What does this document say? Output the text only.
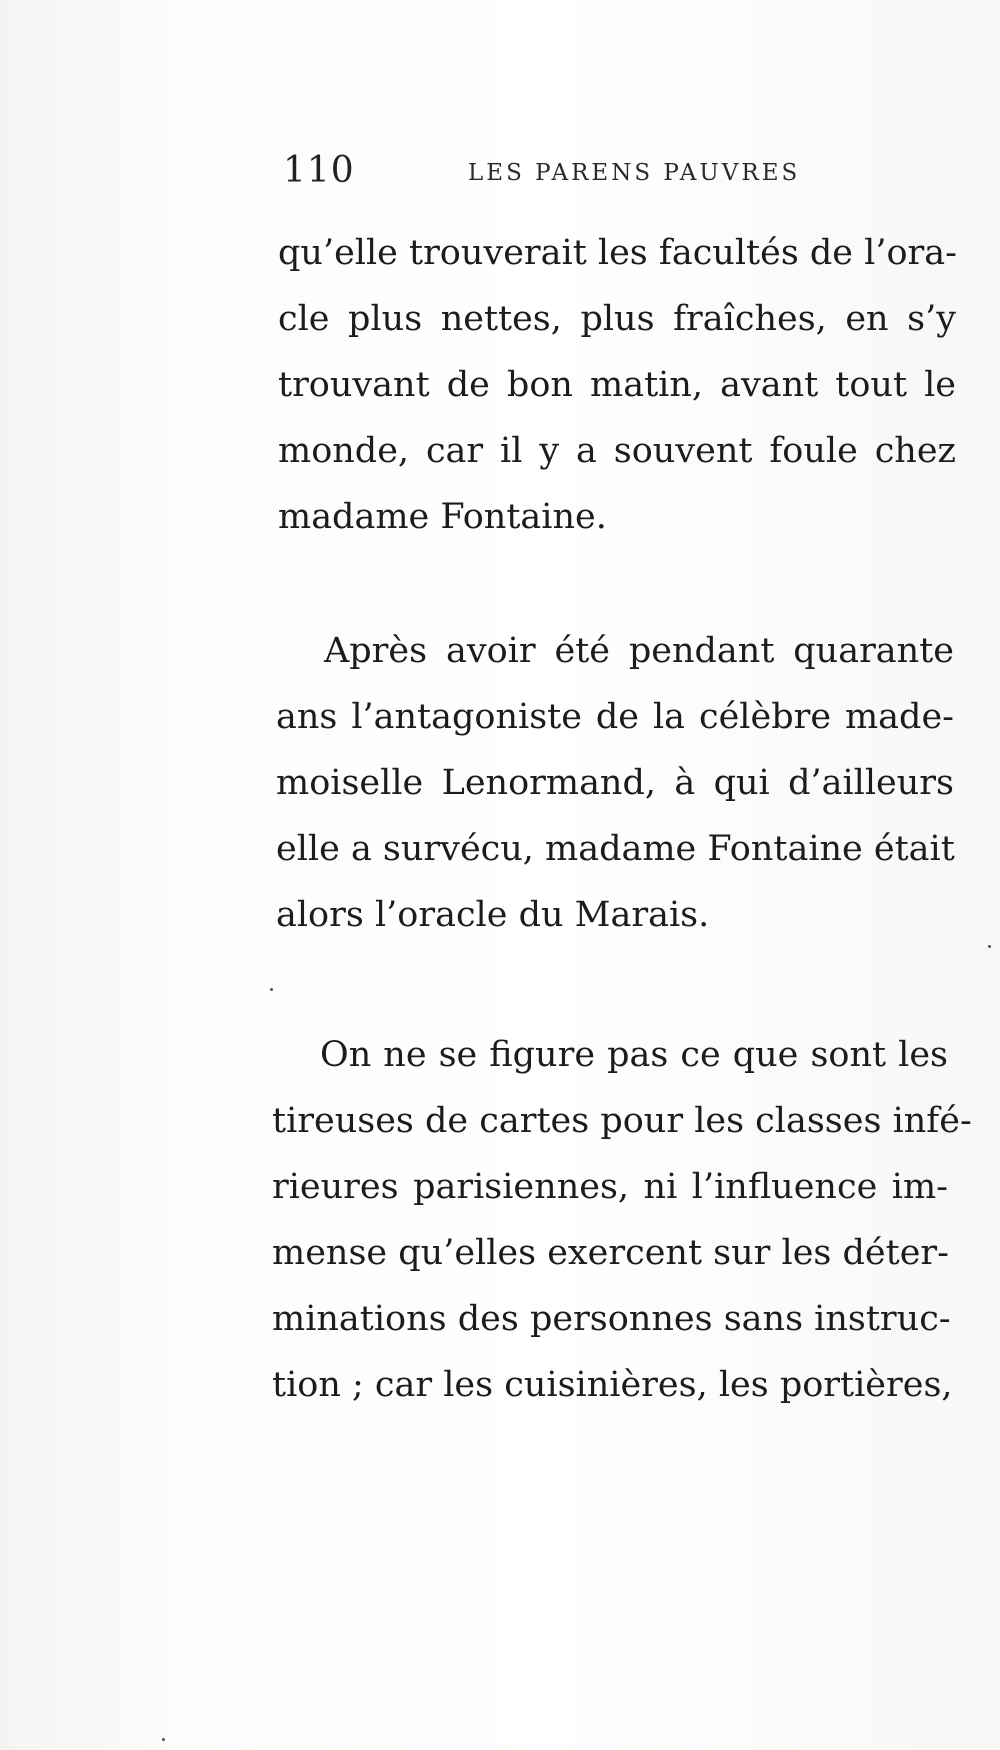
110	LES PARENS PAUVRES
qu’elle trouverait les facultés de l’ora-
cle plus nettes, plus fraîches, en s’y
trouvant de bon matin, avant tout le
monde, car il y a souvent foule chez
madame Fontaine.
Après avoir été pendant quarante
ans l’antagoniste de la célèbre made-
moiselle Lenormand, à qui d’ailleurs
elle a survécu, madame Fontaine était
alors l’oracle du Marais.
On ne se figure pas ce que sont les
tireuses de cartes pour les classes infé-
rieures parisiennes, ni l’influence im-
mense qu’elles exercent sur les déter-
minations des personnes sans instruc-
tion ; car les cuisinières, les portières,
